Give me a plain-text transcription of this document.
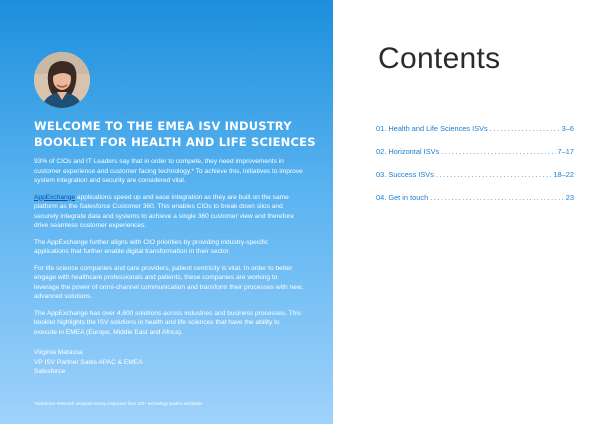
WELCOME TO THE EMEA ISV INDUSTRY BOOKLET FOR HEALTH AND LIFE SCIENCES

93% of CIOs and IT Leaders say that in order to compete, they need improvements in customer experience and customer facing technology.* To achieve this, initiatives to improve system integration and security are considered vital.

AppExchange applications speed up and ease integration as they are built on the same platform as the Salesforce Customer 360. This enables CIOs to break down silos and securely integrate data and systems to achieve a single 360 customer view and therefore drive seamless customer experiences.

The AppExchange further aligns with CIO priorities by providing industry-specific applications that further enable digital transformation in their sector.

For life science companies and care providers, patient centricity is vital. In order to better engage with healthcare professionals and patients, these companies are working to leverage the power of omni-channel communication and transform their processes with new, advanced solutions.

The AppExchange has over 4,600 solutions across industries and business processes. This booklet highlights the ISV solutions in health and life sciences that have the ability to execute in EMEA (Europe, Middle East and Africa).

Virginia Matassa
VP ISV Partner Sales APAC & EMEA
Salesforce
*Salesforce Research analysed survey responses from 100+ technology leaders worldwide
Contents
01. Health and Life Sciences ISVs .....	3–6
02. Horizontal ISVs .....	7–17
03. Success ISVs .....	18–22
04. Get in touch .....	23
